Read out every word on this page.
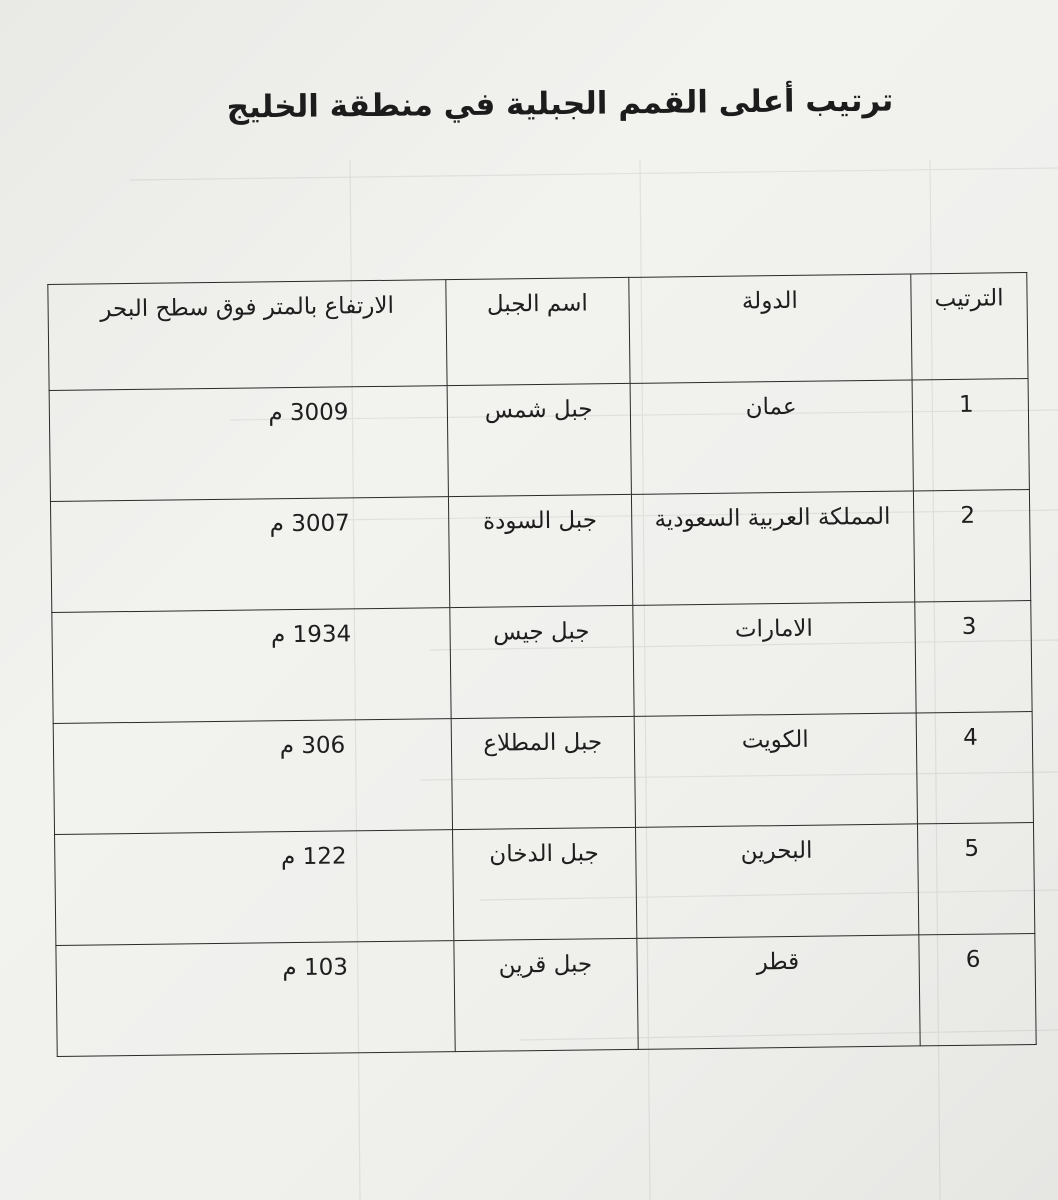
ترتيب أعلى القمم الجبلية في منطقة الخليج
الترتيب	الدولة	اسم الجبل	الارتفاع بالمتر فوق سطح البحر
1	عمان	جبل شمس	3009 م
2	المملكة العربية السعودية	جبل السودة	3007 م
3	الامارات	جبل جيس	1934 م
4	الكويت	جبل المطلاع	306 م
5	البحرين	جبل الدخان	122 م
6	قطر	جبل قرين	103 م
